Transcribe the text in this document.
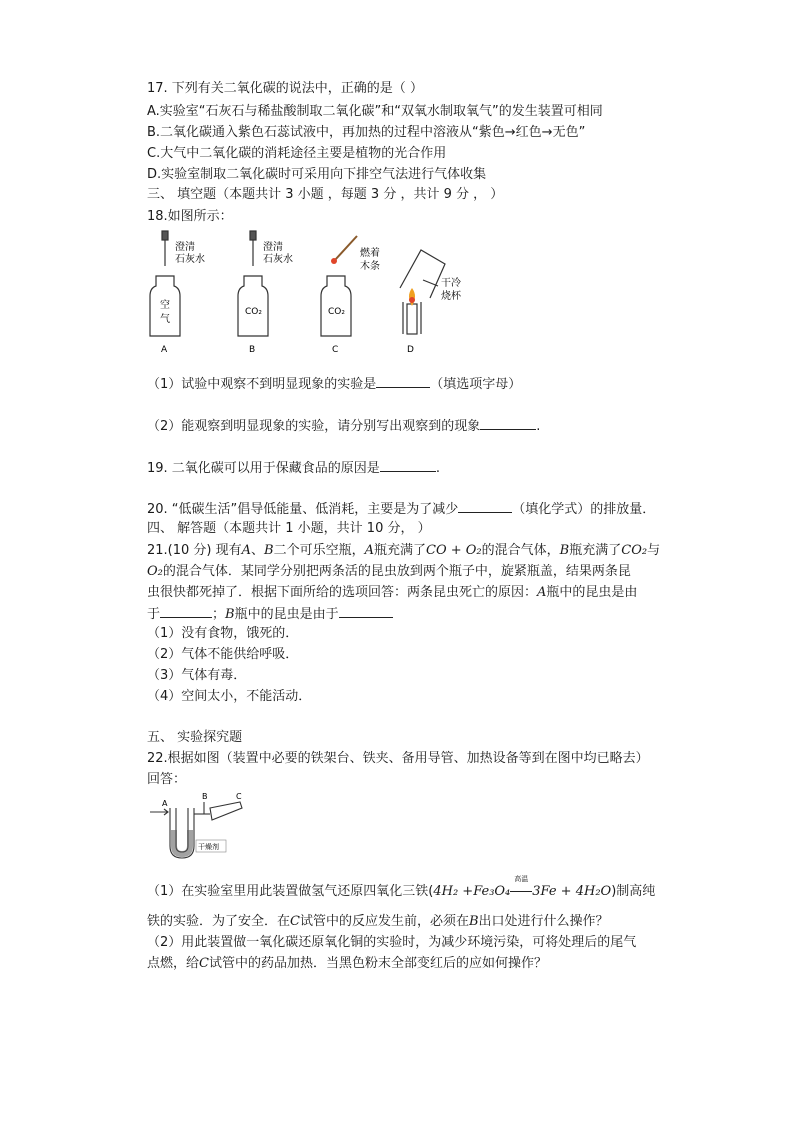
17. 下列有关二氧化碳的说法中，正确的是（ ）
A.实验室“石灰石与稀盐酸制取二氧化碳”和“双氧水制取氧气”的发生装置可相同
B.二氧化碳通入紫色石蕊试液中，再加热的过程中溶液从“紫色→红色→无色”
C.大气中二氧化碳的消耗途径主要是植物的光合作用
D.实验室制取二氧化碳时可采用向下排空气法进行气体收集
三、 填空题（本题共计 3 小题 ，每题 3 分 ，共计 9 分 ， ）
18.如图所示：
澄清
石灰水
空
气
澄清
石灰水
CO₂
燃着
木条
CO₂
干冷
烧杯
A	B	C	D
（1）试验中观察不到明显现象的实验是	（填选项字母）
（2）能观察到明显现象的实验，请分别写出观察到的现象	.
19. 二氧化碳可以用于保藏食品的原因是	.
20. “低碳生活”倡导低能量、低消耗，主要是为了减少	（填化学式）的排放量．
四、 解答题（本题共计 1 小题，共计 10 分， ）
21.(10 分) 现有A、B二个可乐空瓶，A瓶充满了CO + O₂的混合气体，B瓶充满了CO₂与
O₂的混合气体．某同学分别把两条活的昆虫放到两个瓶子中，旋紧瓶盖，结果两条昆
虫很快都死掉了．根据下面所给的选项回答：两条昆虫死亡的原因：A瓶中的昆虫是由
于	；B瓶中的昆虫是由于
（1）没有食物，饿死的．
（2）气体不能供给呼吸．
（3）气体有毒．
（4）空间太小，不能活动．
五、 实验探究题
22.根据如图（装置中必要的铁架台、铁夹、备用导管、加热设备等到在图中均已略去）
回答：
A
B	C
干燥剂
（1）在实验室里用此装置做氢气还原四氧化三铁(4H₂ +Fe₃O₄
高温
3Fe + 4H₂O)制高纯
铁的实验．为了安全．在C试管中的反应发生前，必须在B出口处进行什么操作？
（2）用此装置做一氧化碳还原氧化铜的实验时，为减少环境污染，可将处理后的尾气
点燃，给C试管中的药品加热．当黑色粉末全部变红后的应如何操作？
